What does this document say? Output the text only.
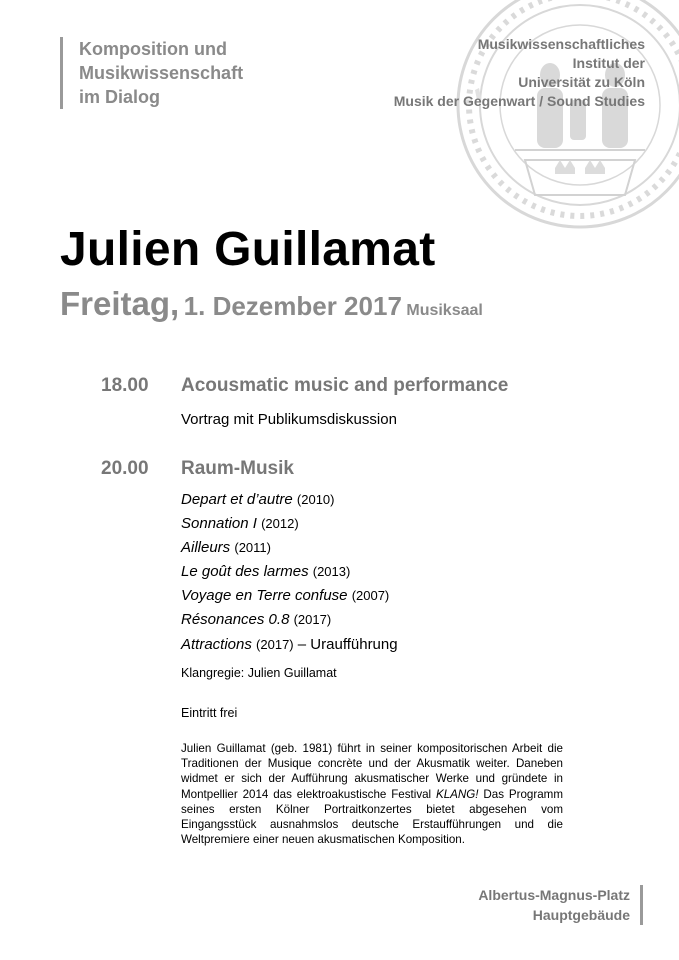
Komposition und
Musikwissenschaft
im Dialog
Musikwissenschaftliches
Institut der
Universität zu Köln
Musik der Gegenwart / Sound Studies
Julien Guillamat
Freitag, 1. Dezember 2017 Musiksaal
18.00 Acousmatic music and performance
Vortrag mit Publikumsdiskussion
20.00 Raum-Musik
Depart et d’autre (2010)
Sonnation I (2012)
Ailleurs (2011)
Le goût des larmes (2013)
Voyage en Terre confuse (2007)
Résonances 0.8 (2017)
Attractions (2017) – Uraufführung
Klangregie: Julien Guillamat
Eintritt frei
Julien Guillamat (geb. 1981) führt in seiner kompositorischen Arbeit die Traditionen der Musique concrète und der Akusmatik weiter. Daneben widmet er sich der Aufführung akusmatischer Werke und gründete in Montpellier 2014 das elektroakustische Festival KLANG! Das Programm seines ersten Kölner Portraitkonzertes bietet abgesehen vom Eingangsstück ausnahmslos deutsche Erstaufführungen und die Weltpremiere einer neuen akusmatischen Komposition.
Albertus-Magnus-Platz
Hauptgebäude
